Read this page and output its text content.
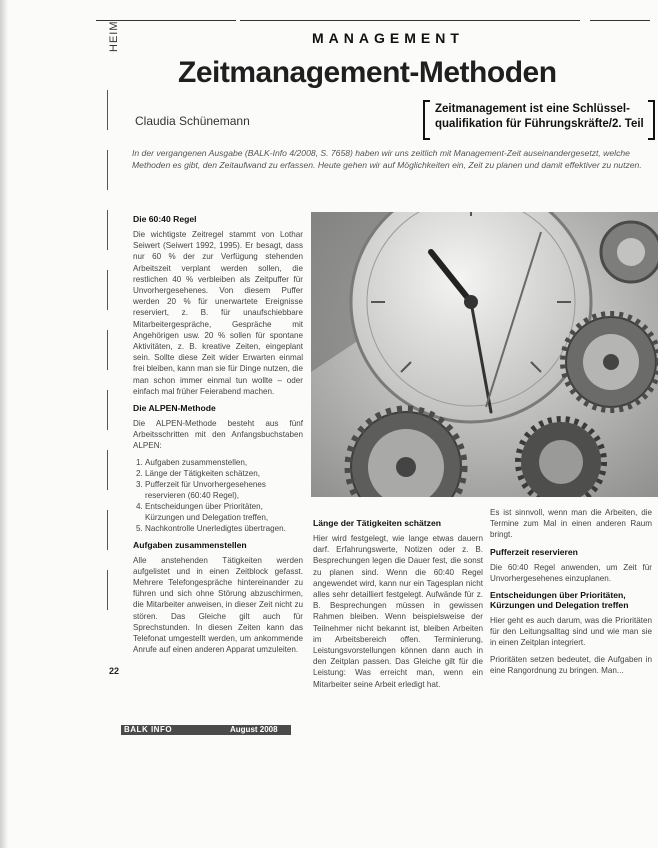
HEIM	MANAGEMENT
Zeitmanagement-Methoden
Claudia Schünemann
Zeitmanagement ist eine Schlüssel-qualifikation für Führungskräfte/2. Teil
In der vergangenen Ausgabe (BALK-Info 4/2008, S. 7658) haben wir uns zeitlich mit Management-Zeit auseinandergesetzt, welche Methoden es gibt, den Zeitaufwand zu erfassen. Heute gehen wir auf Möglichkeiten ein, Zeit zu planen und damit effektiver zu nutzen.
Die 60:40 Regel

Die wichtigste Zeitregel stammt von Lothar Seiwert (Seiwert 1992, 1995). Er besagt, dass nur 60 % der zur Verfügung stehenden Arbeitszeit verplant werden sollen, die restlichen 40 % verbleiben als Zeitpuffer für Unvorhergesehenes. Von diesem Puffer werden 20 % für unerwartete Ereignisse reserviert, z. B. für unaufschiebbare Mitarbeitergespräche, Gespräche mit Angehörigen usw. 20 % sollen für spontane Aktivitäten, z. B. kreative Zeiten, eingeplant sein. Sollte diese Zeit wider Erwarten einmal frei bleiben, kann man sie für Dinge nutzen, die man schon immer einmal tun wollte – oder einfach mal früher Feierabend machen.

Die ALPEN-Methode

Die ALPEN-Methode besteht aus fünf Arbeitsschritten mit den Anfangsbuchstaben ALPEN:

1. Aufgaben zusammenstellen,
2. Länge der Tätigkeiten schätzen,
3. Pufferzeit für Unvorhergesehenes reservieren (60:40 Regel),
4. Entscheidungen über Prioritäten, Kürzungen und Delegation treffen,
5. Nachkontrolle Unerledigtes übertragen.
Aufgaben zusammenstellen

Alle anstehenden Tätigkeiten werden aufgelistet und in einen Zeitblock gefasst. Mehrere Telefongespräche hintereinander zu führen und sich ohne Störung abzuschirmen, die Mitarbeiter anweisen, in dieser Zeit nicht zu stören. Das Gleiche gilt auch für Sprechstunden. In diesen Zeiten kann das Telefonat umgestellt werden, um ankommende Anrufe auf einen anderen Apparat umzuleiten.

Länge der Tätigkeiten schätzen

Hier wird festgelegt, wie lange etwas dauern darf. Erfahrungswerte, Notizen oder z. B. Besprechungen legen die Dauer fest, die sonst zu planen sind. Wenn die 60:40 Regel angewendet wird, kann nur ein Tagesplan nicht alles sehr detailliert festgelegt. Aufwände für z. B. Besprechungen müssen in gewissen Rahmen bleiben. Wenn beispielsweise der Teilnehmer nicht bekannt ist, bleiben Arbeiten im Arbeitsbereich offen. Terminierung, Leistungsvorstellungen können dann auch in den Zeitplan passen. Das Gleiche gilt für die Leistung: Was erreicht man, wenn ein Mitarbeiter seine Arbeit erledigt hat.

Es ist sinnvoll, wenn man die Arbeiten, die Termine zum Mal in einen anderen Raum bringt.

Pufferzeit reservieren

Die 60:40 Regel anwenden, um Zeit für Unvorhergesehenes einzuplanen.

Entscheidungen über Prioritäten, Kürzungen und Delegation treffen

Hier geht es auch darum, was die Prioritäten für den Leitungsalltag sind und wie man sie in einen Zeitplan integriert.

Prioritäten setzen bedeutet, die Aufgaben in eine Rangordnung zu bringen. Man...

22
BALK INFO	August 2008
